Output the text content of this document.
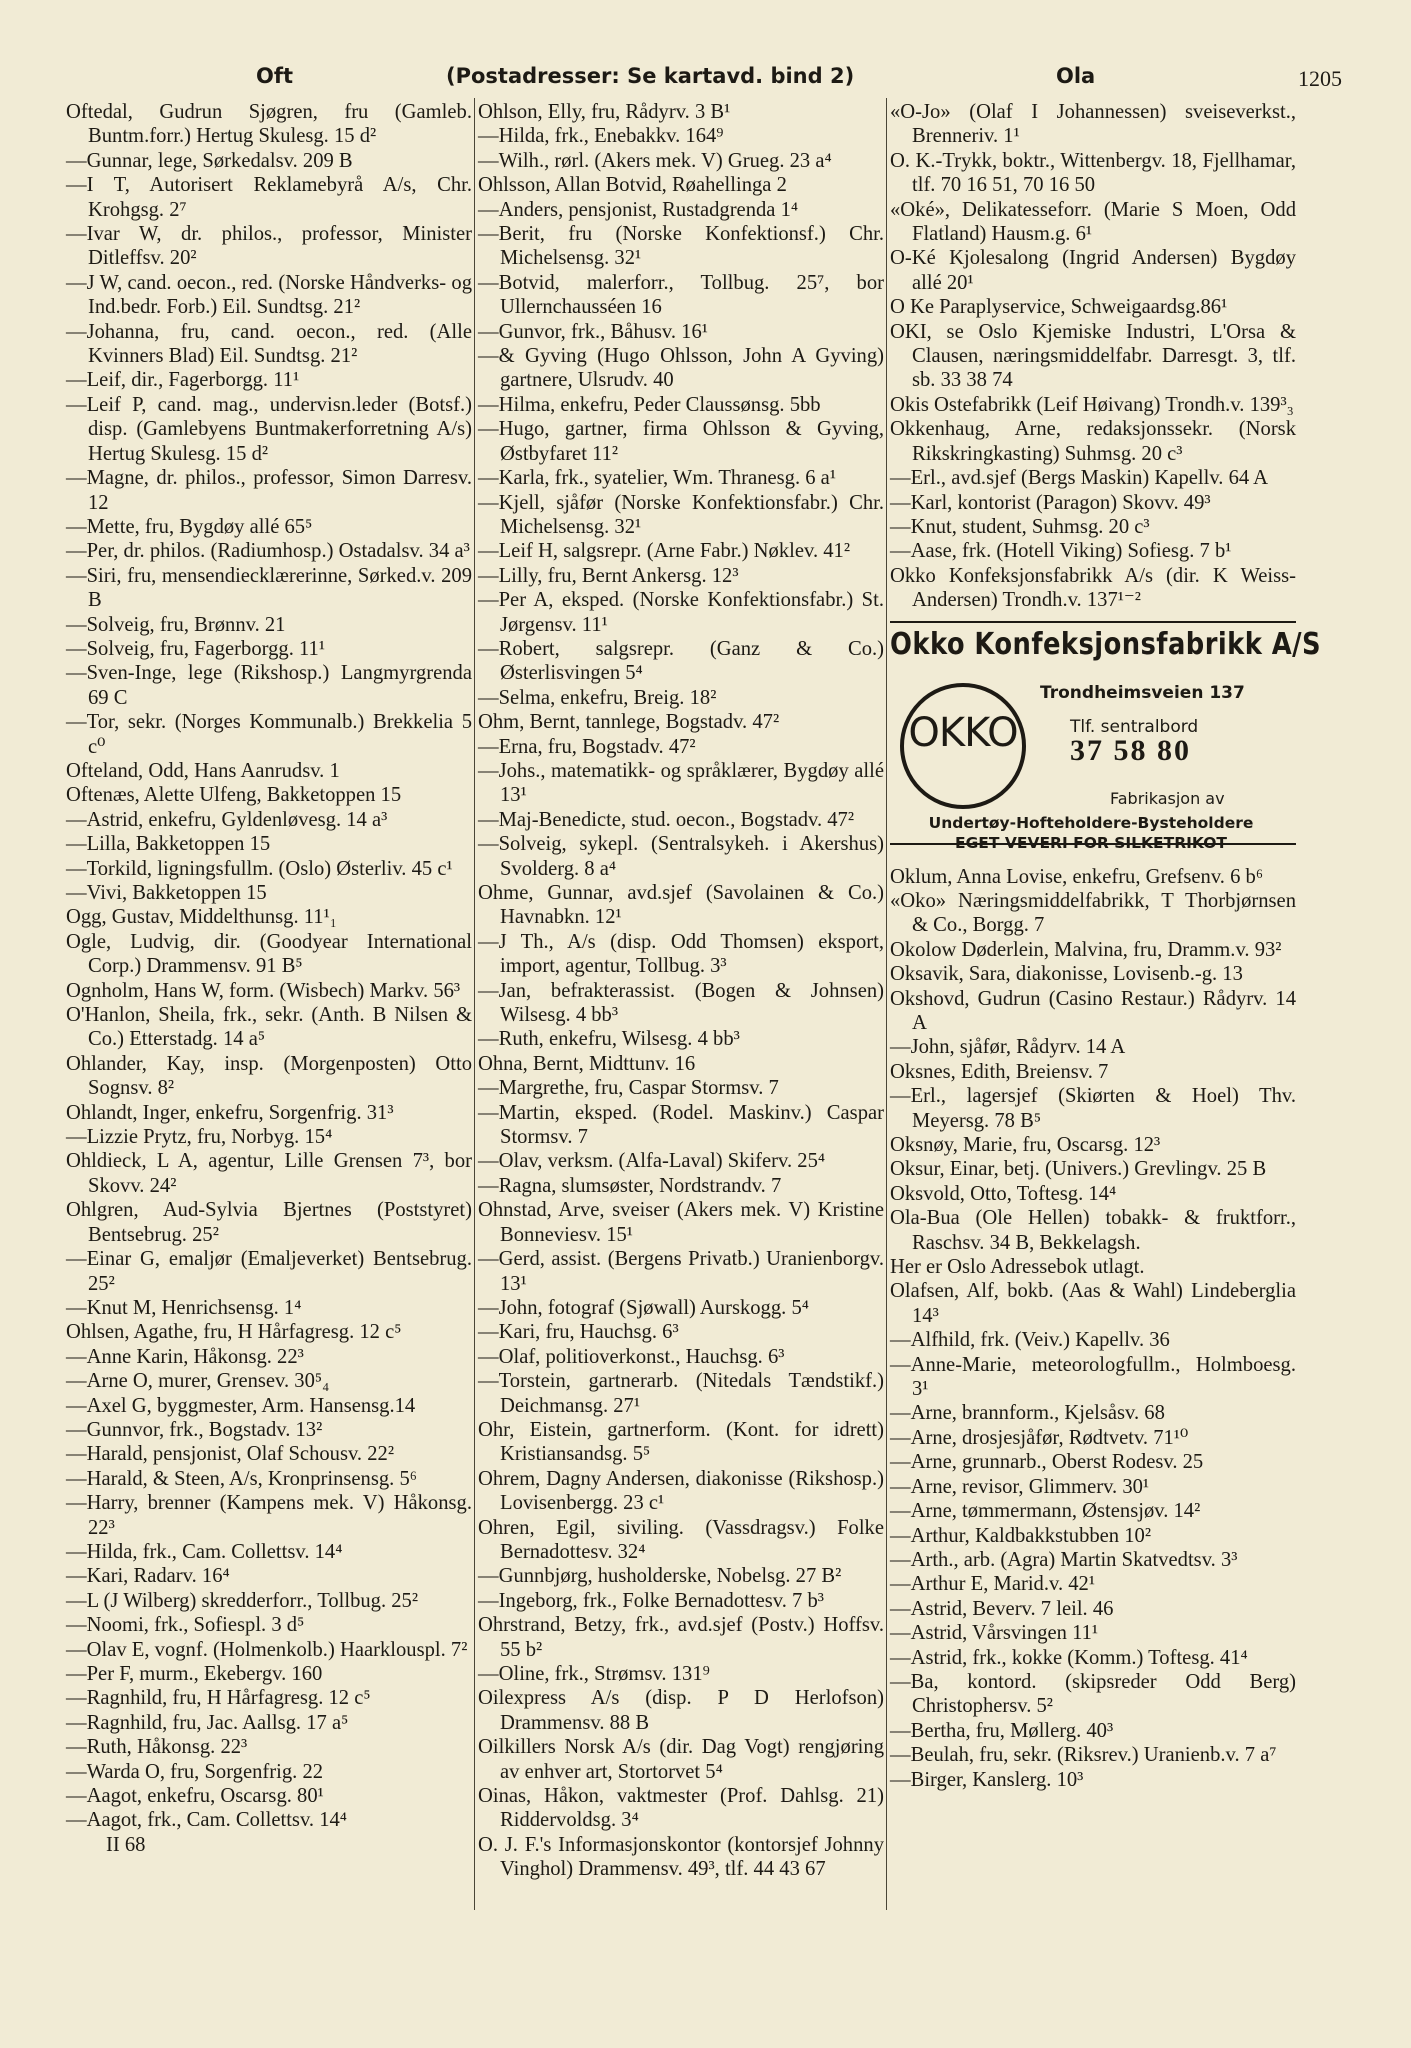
Oft	(Postadresser: Se kartavd. bind 2)	Ola	1205
Oftedal, Gudrun Sjøgren, fru (Gamleb. Buntm.forr.) Hertug Skulesg. 15 d²
—Gunnar, lege, Sørkedalsv. 209 B
—I T, Autorisert Reklamebyrå A/s, Chr. Krohgsg. 2⁷
—Ivar W, dr. philos., professor, Minister Ditleffsv. 20²
—J W, cand. oecon., red. (Norske Håndverks- og Ind.bedr. Forb.) Eil. Sundtsg. 21²
—Johanna, fru, cand. oecon., red. (Alle Kvinners Blad) Eil. Sundtsg. 21²
—Leif, dir., Fagerborgg. 11¹
—Leif P, cand. mag., undervisn.leder (Botsf.) disp. (Gamlebyens Buntmakerforretning A/s) Hertug Skulesg. 15 d²
—Magne, dr. philos., professor, Simon Darresv. 12
—Mette, fru, Bygdøy allé 65⁵
—Per, dr. philos. (Radiumhosp.) Ostadalsv. 34 a³
—Siri, fru, mensendiecklærerinne, Sørked.v. 209 B
—Solveig, fru, Brønnv. 21
—Solveig, fru, Fagerborgg. 11¹
—Sven-Inge, lege (Rikshosp.) Langmyrgrenda 69 C
—Tor, sekr. (Norges Kommunalb.) Brekkelia 5 c⁰
Ofteland, Odd, Hans Aanrudsv. 1
Oftenæs, Alette Ulfeng, Bakketoppen 15
—Astrid, enkefru, Gyldenløvesg. 14 a³
—Lilla, Bakketoppen 15
—Torkild, ligningsfullm. (Oslo) Østerliv. 45 c¹
—Vivi, Bakketoppen 15
Ogg, Gustav, Middelthunsg. 11¹₁
Ogle, Ludvig, dir. (Goodyear International Corp.) Drammensv. 91 B⁵
Ognholm, Hans W, form. (Wisbech) Markv. 56³
O'Hanlon, Sheila, frk., sekr. (Anth. B Nilsen & Co.) Etterstadg. 14 a⁵
Ohlander, Kay, insp. (Morgenposten) Otto Sognsv. 8²
Ohlandt, Inger, enkefru, Sorgenfrig. 31³
—Lizzie Prytz, fru, Norbyg. 15⁴
Ohldieck, L A, agentur, Lille Grensen 7³, bor Skovv. 24²
Ohlgren, Aud-Sylvia Bjertnes (Poststyret) Bentsebrug. 25²
—Einar G, emaljør (Emaljeverket) Bentsebrug. 25²
—Knut M, Henrichsensg. 1⁴
Ohlsen, Agathe, fru, H Hårfagresg. 12 c⁵
—Anne Karin, Håkonsg. 22³
—Arne O, murer, Grensev. 30⁵₄
—Axel G, byggmester, Arm. Hansensg.14
—Gunnvor, frk., Bogstadv. 13²
—Harald, pensjonist, Olaf Schousv. 22²
—Harald, & Steen, A/s, Kronprinsensg. 5⁶
—Harry, brenner (Kampens mek. V) Håkonsg. 22³
—Hilda, frk., Cam. Collettsv. 14⁴
—Kari, Radarv. 16⁴
—L (J Wilberg) skredderforr., Tollbug. 25²
—Noomi, frk., Sofiespl. 3 d⁵
—Olav E, vognf. (Holmenkolb.) Haarklouspl. 7²
—Per F, murm., Ekebergv. 160
—Ragnhild, fru, H Hårfagresg. 12 c⁵
—Ragnhild, fru, Jac. Aallsg. 17 a⁵
—Ruth, Håkonsg. 22³
—Warda O, fru, Sorgenfrig. 22
—Aagot, enkefru, Oscarsg. 80¹
—Aagot, frk., Cam. Collettsv. 14⁴
II 68
Ohlson, Elly, fru, Rådyrv. 3 B¹
—Hilda, frk., Enebakkv. 164⁹
—Wilh., rørl. (Akers mek. V) Grueg. 23 a⁴
Ohlsson, Allan Botvid, Røahellinga 2
—Anders, pensjonist, Rustadgrenda 1⁴
—Berit, fru (Norske Konfektionsf.) Chr. Michelsensg. 32¹
—Botvid, malerforr., Tollbug. 25⁷, bor Ullernchausséen 16
—Gunvor, frk., Båhusv. 16¹
—& Gyving (Hugo Ohlsson, John A Gyving) gartnere, Ulsrudv. 40
—Hilma, enkefru, Peder Claussønsg. 5bb
—Hugo, gartner, firma Ohlsson & Gyving, Østbyfaret 11²
—Karla, frk., syatelier, Wm. Thranesg. 6 a¹
—Kjell, sjåfør (Norske Konfektionsfabr.) Chr. Michelsensg. 32¹
—Leif H, salgsrepr. (Arne Fabr.) Nøklev. 41²
—Lilly, fru, Bernt Ankersg. 12³
—Per A, eksped. (Norske Konfektionsfabr.) St. Jørgensv. 11¹
—Robert, salgsrepr. (Ganz & Co.) Østerlisvingen 5⁴
—Selma, enkefru, Breig. 18²
Ohm, Bernt, tannlege, Bogstadv. 47²
—Erna, fru, Bogstadv. 47²
—Johs., matematikk- og språklærer, Bygdøy allé 13¹
—Maj-Benedicte, stud. oecon., Bogstadv. 47²
—Solveig, sykepl. (Sentralsykeh. i Akershus) Svolderg. 8 a⁴
Ohme, Gunnar, avd.sjef (Savolainen & Co.) Havnabkn. 12¹
—J Th., A/s (disp. Odd Thomsen) eksport, import, agentur, Tollbug. 3³
—Jan, befrakterassist. (Bogen & Johnsen) Wilsesg. 4 bb³
—Ruth, enkefru, Wilsesg. 4 bb³
Ohna, Bernt, Midttunv. 16
—Margrethe, fru, Caspar Stormsv. 7
—Martin, eksped. (Rodel. Maskinv.) Caspar Stormsv. 7
—Olav, verksm. (Alfa-Laval) Skiferv. 25⁴
—Ragna, slumsøster, Nordstrandv. 7
Ohnstad, Arve, sveiser (Akers mek. V) Kristine Bonneviesv. 15¹
—Gerd, assist. (Bergens Privatb.) Uranienborgv. 13¹
—John, fotograf (Sjøwall) Aurskogg. 5⁴
—Kari, fru, Hauchsg. 6³
—Olaf, politioverkonst., Hauchsg. 6³
—Torstein, gartnerarb. (Nitedals Tændstikf.) Deichmansg. 27¹
Ohr, Eistein, gartnerform. (Kont. for idrett) Kristiansandsg. 5⁵
Ohrem, Dagny Andersen, diakonisse (Rikshosp.) Lovisenbergg. 23 c¹
Ohren, Egil, siviling. (Vassdragsv.) Folke Bernadottesv. 32⁴
—Gunnbjørg, husholderske, Nobelsg. 27 B²
—Ingeborg, frk., Folke Bernadottesv. 7 b³
Ohrstrand, Betzy, frk., avd.sjef (Postv.) Hoffsv. 55 b²
—Oline, frk., Strømsv. 131⁹
Oilexpress A/s (disp. P D Herlofson) Drammensv. 88 B
Oilkillers Norsk A/s (dir. Dag Vogt) rengjøring av enhver art, Stortorvet 5⁴
Oinas, Håkon, vaktmester (Prof. Dahlsg. 21) Riddervoldsg. 3⁴
O. J. F.'s Informasjonskontor (kontorsjef Johnny Vinghol) Drammensv. 49³, tlf. 44 43 67
«O-Jo» (Olaf I Johannessen) sveiseverkst., Brenneriv. 1¹
O. K.-Trykk, boktr., Wittenbergv. 18, Fjellhamar, tlf. 70 16 51, 70 16 50
«Oké», Delikatesseforr. (Marie S Moen, Odd Flatland) Hausm.g. 6¹
O-Ké Kjolesalong (Ingrid Andersen) Bygdøy allé 20¹
O Ke Paraplyservice, Schweigaardsg.86¹
OKI, se Oslo Kjemiske Industri, L'Orsa & Clausen, næringsmiddelfabr. Darresgt. 3, tlf. sb. 33 38 74
Okis Ostefabrikk (Leif Høivang) Trondh.v. 139³₃
Okkenhaug, Arne, redaksjonssekr. (Norsk Rikskringkasting) Suhmsg. 20 c³
—Erl., avd.sjef (Bergs Maskin) Kapellv. 64 A
—Karl, kontorist (Paragon) Skovv. 49³
—Knut, student, Suhmsg. 20 c³
—Aase, frk. (Hotell Viking) Sofiesg. 7 b¹
Okko Konfeksjonsfabrikk A/s (dir. K Weiss-Andersen) Trondh.v. 137¹⁻²
Okko Konfeksjonsfabrikk A/S
OKKO
Trondheimsveien 137
Tlf. sentralbord
37 58 80
Fabrikasjon av
Undertøy-Hofteholdere-Bysteholdere
EGET VEVERI FOR SILKETRIKOT
Oklum, Anna Lovise, enkefru, Grefsenv. 6 b⁶
«Oko» Næringsmiddelfabrikk, T Thorbjørnsen & Co., Borgg. 7
Okolow Døderlein, Malvina, fru, Dramm.v. 93²
Oksavik, Sara, diakonisse, Lovisenb.-g. 13
Okshovd, Gudrun (Casino Restaur.) Rådyrv. 14 A
—John, sjåfør, Rådyrv. 14 A
Oksnes, Edith, Breiensv. 7
—Erl., lagersjef (Skiørten & Hoel) Thv. Meyersg. 78 B⁵
Oksnøy, Marie, fru, Oscarsg. 12³
Oksur, Einar, betj. (Univers.) Grevlingv. 25 B
Oksvold, Otto, Toftesg. 14⁴
Ola-Bua (Ole Hellen) tobakk- & fruktforr., Raschsv. 34 B, Bekkelagsh.
Her er Oslo Adressebok utlagt.
Olafsen, Alf, bokb. (Aas & Wahl) Lindeberglia 14³
—Alfhild, frk. (Veiv.) Kapellv. 36
—Anne-Marie, meteorologfullm., Holmboesg. 3¹
—Arne, brannform., Kjelsåsv. 68
—Arne, drosjesjåfør, Rødtvetv. 71¹⁰
—Arne, grunnarb., Oberst Rodesv. 25
—Arne, revisor, Glimmerv. 30¹
—Arne, tømmermann, Østensjøv. 14²
—Arthur, Kaldbakkstubben 10²
—Arth., arb. (Agra) Martin Skatvedtsv. 3³
—Arthur E, Marid.v. 42¹
—Astrid, Beverv. 7 leil. 46
—Astrid, Vårsvingen 11¹
—Astrid, frk., kokke (Komm.) Toftesg. 41⁴
—Ba, kontord. (skipsreder Odd Berg) Christophersv. 5²
—Bertha, fru, Møllerg. 40³
—Beulah, fru, sekr. (Riksrev.) Uranienb.v. 7 a⁷
—Birger, Kanslerg. 10³
